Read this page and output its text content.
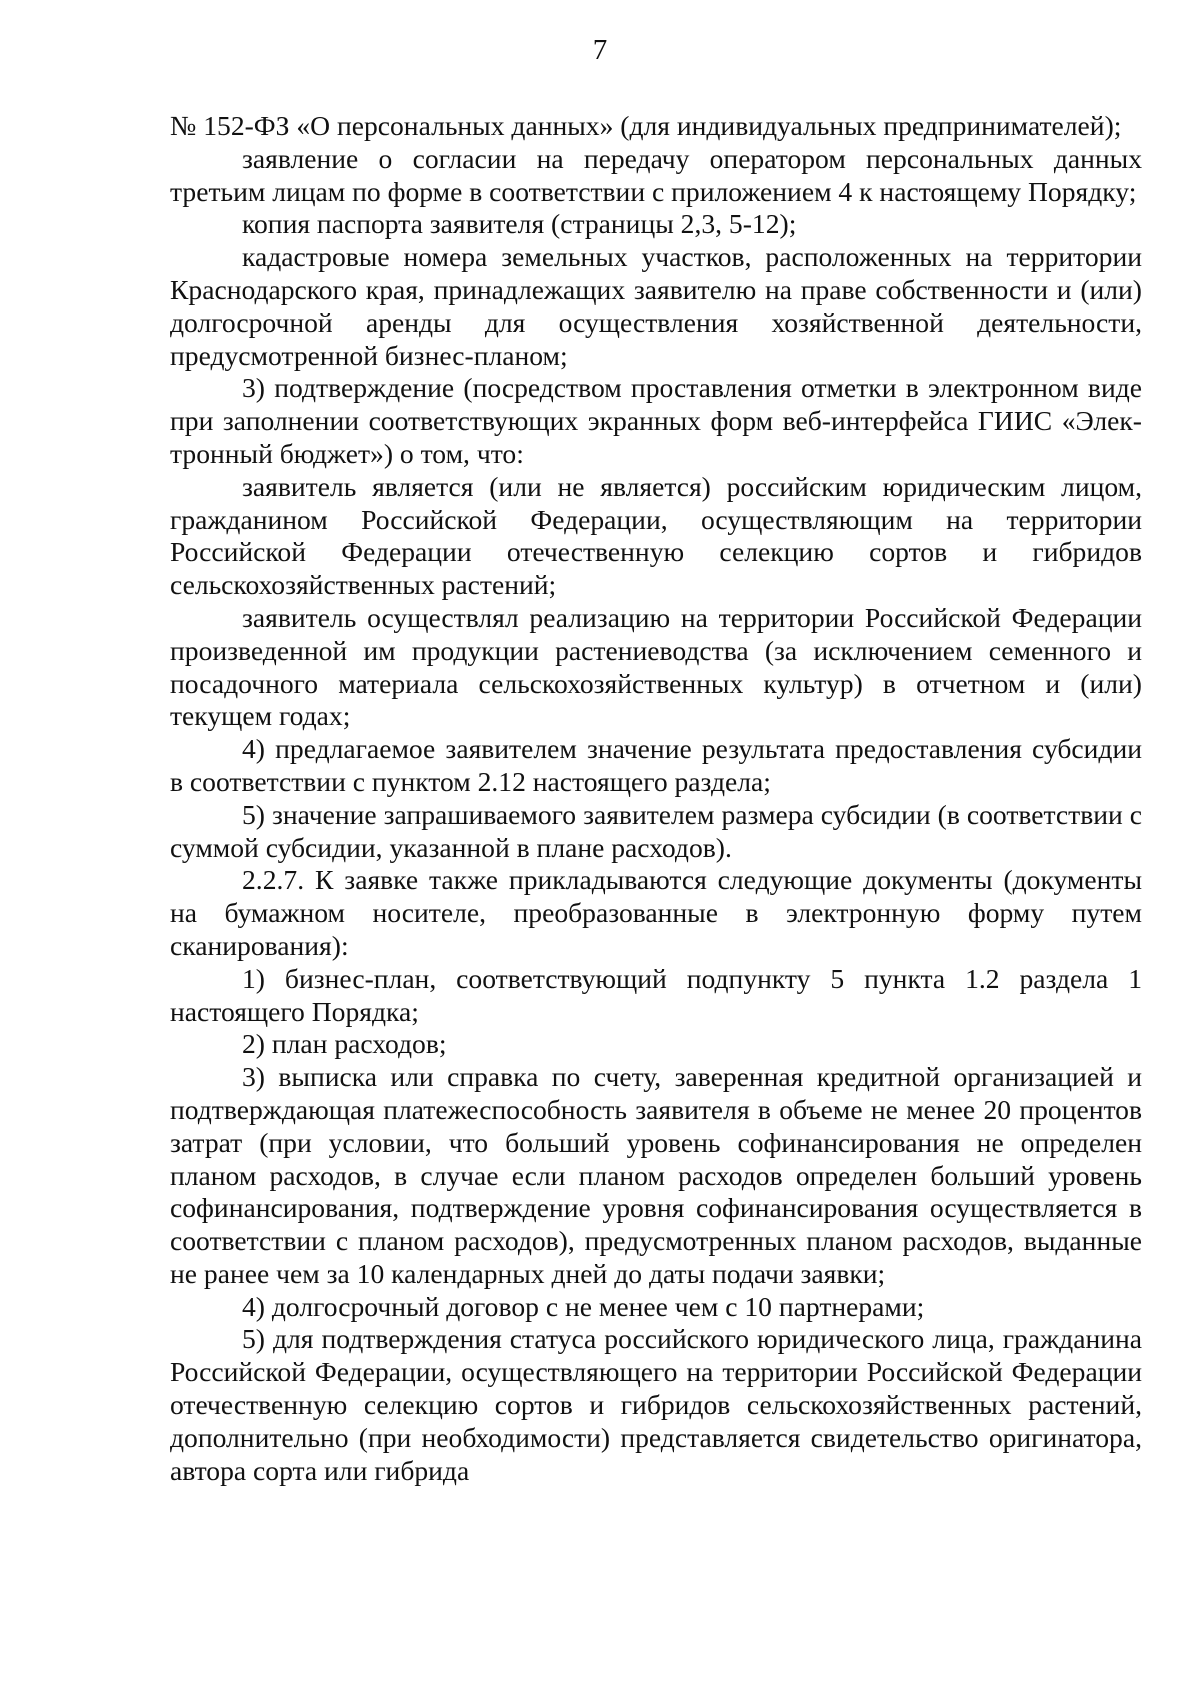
7

№ 152-ФЗ «О персональных данных» (для индивидуальных предпринимателей);

заявление о согласии на передачу оператором персональных данных третьим лицам по форме в соответствии с приложением 4 к настоящему Порядку;

копия паспорта заявителя (страницы 2,3, 5-12);

кадастровые номера земельных участков, расположенных на территории Краснодарского края, принадлежащих заявителю на праве собственности и (или) долгосрочной аренды для осуществления хозяйственной деятельности, предусмотренной бизнес-планом;

3) подтверждение (посредством проставления отметки в электронном виде при заполнении соответствующих экранных форм веб-интерфейса ГИИС «Элек-тронный бюджет») о том, что:

заявитель является (или не является) российским юридическим лицом, гражданином Российской Федерации, осуществляющим на территории Российской Федерации отечественную селекцию сортов и гибридов сельскохозяйственных растений;

заявитель осуществлял реализацию на территории Российской Федерации произведенной им продукции растениеводства (за исключением семенного и посадочного материала сельскохозяйственных культур) в отчетном и (или) текущем годах;

4) предлагаемое заявителем значение результата предоставления субсидии в соответствии с пунктом 2.12 настоящего раздела;

5) значение запрашиваемого заявителем размера субсидии (в соответствии с суммой субсидии, указанной в плане расходов).

2.2.7. К заявке также прикладываются следующие документы (документы на бумажном носителе, преобразованные в электронную форму путем сканирования):

1) бизнес-план, соответствующий подпункту 5 пункта 1.2 раздела 1 настоящего Порядка;

2) план расходов;

3) выписка или справка по счету, заверенная кредитной организацией и подтверждающая платежеспособность заявителя в объеме не менее 20 процентов затрат (при условии, что больший уровень софинансирования не определен планом расходов, в случае если планом расходов определен больший уровень софинансирования, подтверждение уровня софинансирования осуществляется в соответствии с планом расходов), предусмотренных планом расходов, выданные не ранее чем за 10 календарных дней до даты подачи заявки;

4) долгосрочный договор с не менее чем с 10 партнерами;

5) для подтверждения статуса российского юридического лица, гражданина Российской Федерации, осуществляющего на территории Российской Федерации отечественную селекцию сортов и гибридов сельскохозяйственных растений, дополнительно (при необходимости) представляется свидетельство оригинатора, автора сорта или гибрида
